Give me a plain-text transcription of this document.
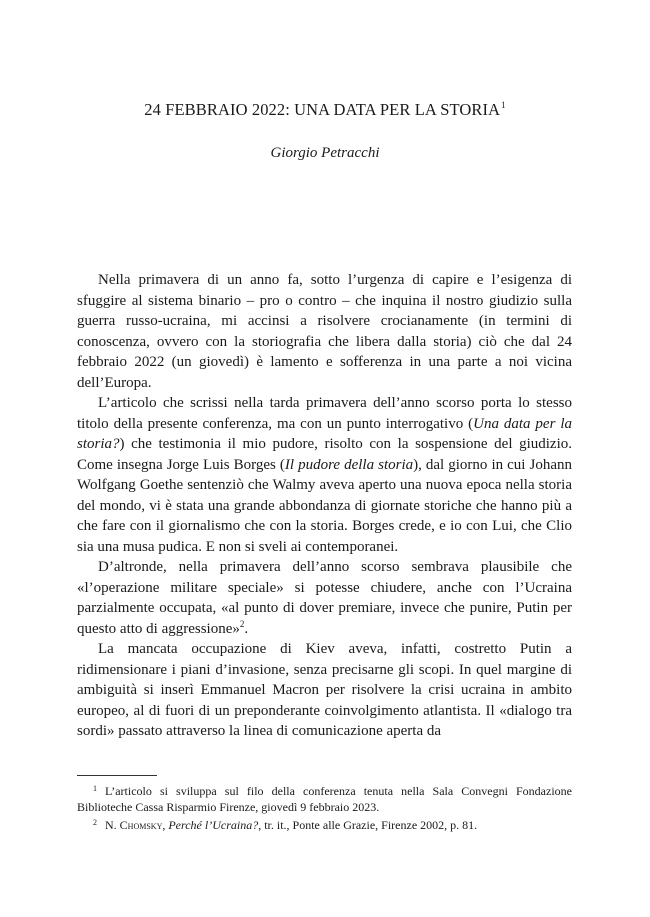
24 FEBBRAIO 2022: UNA DATA PER LA STORIA$^1$
Giorgio Petracchi

Nella primavera di un anno fa, sotto l’urgenza di capire e l’esigenza di sfuggire al sistema binario – pro o contro – che inquina il nostro giudizio sulla guerra russo-ucraina, mi accinsi a risolvere crocianamente (in termini di conoscenza, ovvero con la storiografia che libera dalla storia) ciò che dal 24 febbraio 2022 (un giovedì) è lamento e sofferenza in una parte a noi vicina dell’Europa.

L’articolo che scrissi nella tarda primavera dell’anno scorso porta lo stesso titolo della presente conferenza, ma con un punto interrogativo (Una data per la storia?) che testimonia il mio pudore, risolto con la sospensione del giudizio. Come insegna Jorge Luis Borges (Il pudore della storia), dal giorno in cui Johann Wolfgang Goethe sentenziò che Walmy aveva aperto una nuova epoca nella storia del mondo, vi è stata una grande abbondanza di giornate storiche che hanno più a che fare con il giornalismo che con la storia. Borges crede, e io con Lui, che Clio sia una musa pudica. E non si sveli ai contemporanei.

D’altronde, nella primavera dell’anno scorso sembrava plausibile che «l’operazione militare speciale» si potesse chiudere, anche con l’Ucraina parzialmente occupata, «al punto di dover premiare, invece che punire, Putin per questo atto di aggressione»$^2$.

La mancata occupazione di Kiev aveva, infatti, costretto Putin a ridimensionare i piani d’invasione, senza precisarne gli scopi. In quel margine di ambiguità si inserì Emmanuel Macron per risolvere la crisi ucraina in ambito europeo, al di fuori di un preponderante coinvolgimento atlantista. Il «dialogo tra sordi» passato attraverso la linea di comunicazione aperta da

$^1$ L’articolo si sviluppa sul filo della conferenza tenuta nella Sala Convegni Fondazione Biblioteche Cassa Risparmio Firenze, giovedì 9 febbraio 2023.

$^2$ N. Chomsky, Perché l’Ucraina?, tr. it., Ponte alle Grazie, Firenze 2002, p. 81.
